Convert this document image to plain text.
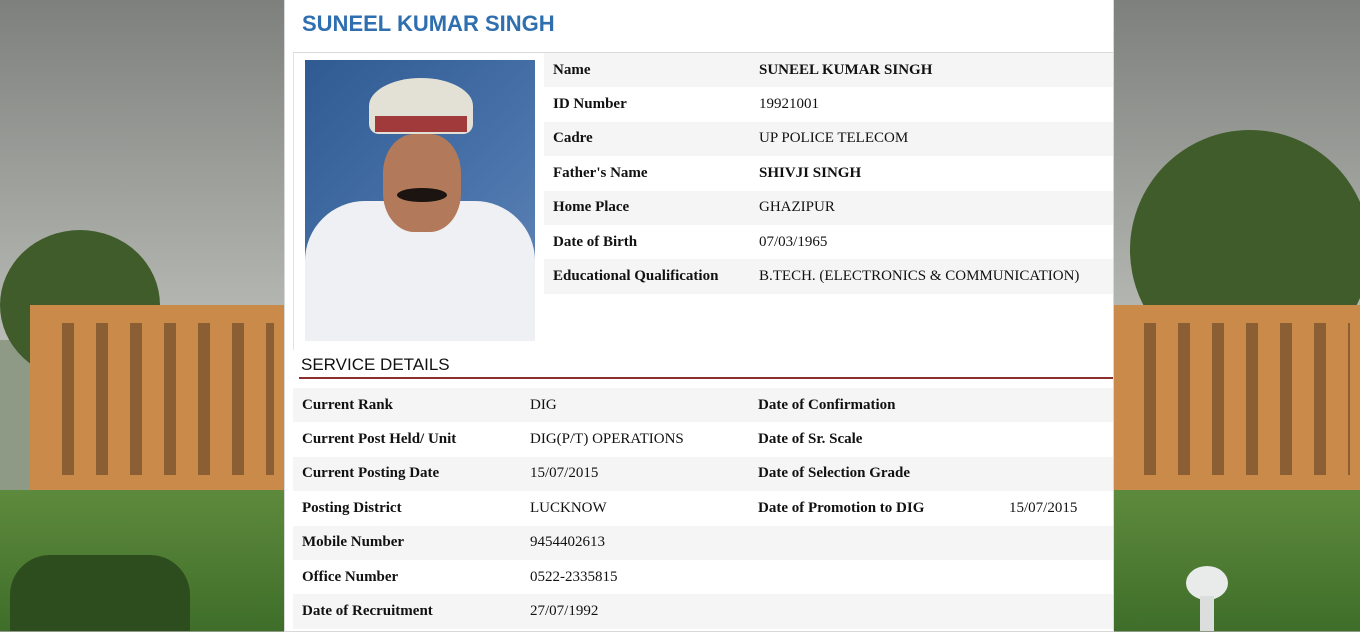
SUNEEL KUMAR SINGH
Name	SUNEEL KUMAR SINGH
ID Number	19921001
Cadre	UP POLICE TELECOM
Father's Name	SHIVJI SINGH
Home Place	GHAZIPUR
Date of Birth	07/03/1965
Educational Qualification	B.TECH. (ELECTRONICS & COMMUNICATION)
SERVICE DETAILS
Current Rank	DIG	Date of Confirmation
Current Post Held/ Unit	DIG(P/T) OPERATIONS	Date of Sr. Scale
Current Posting Date	15/07/2015	Date of Selection Grade
Posting District	LUCKNOW	Date of Promotion to DIG	15/07/2015
Mobile Number	9454402613
Office Number	0522-2335815
Date of Recruitment	27/07/1992
